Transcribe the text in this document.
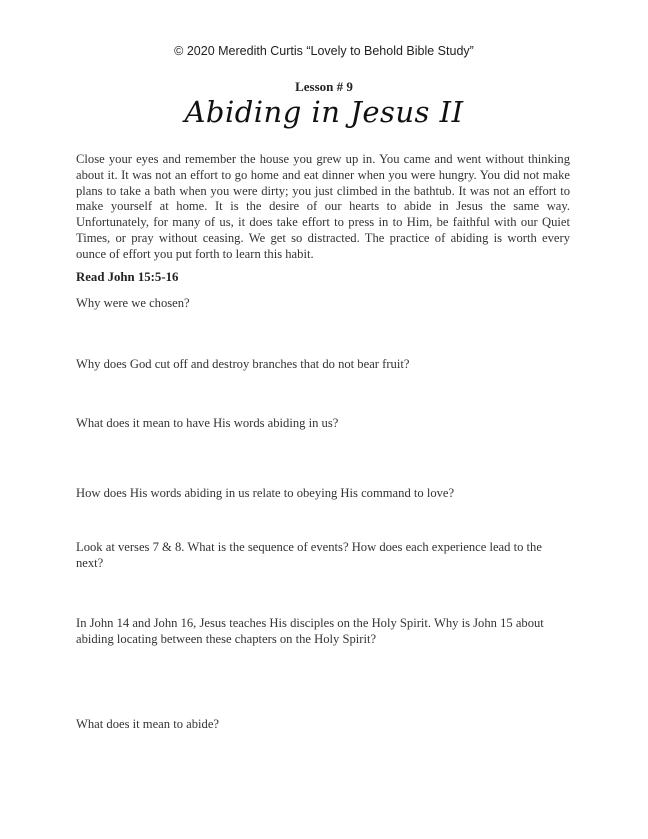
© 2020 Meredith Curtis “Lovely to Behold Bible Study”
Lesson # 9
Abiding in Jesus II

Close your eyes and remember the house you grew up in. You came and went without thinking about it. It was not an effort to go home and eat dinner when you were hungry. You did not make plans to take a bath when you were dirty; you just climbed in the bathtub. It was not an effort to make yourself at home. It is the desire of our hearts to abide in Jesus the same way. Unfortunately, for many of us, it does take effort to press in to Him, be faithful with our Quiet Times, or pray without ceasing. We get so distracted. The practice of abiding is worth every ounce of effort you put forth to learn this habit.

Read John 15:5-16

Why were we chosen?

Why does God cut off and destroy branches that do not bear fruit?

What does it mean to have His words abiding in us?

How does His words abiding in us relate to obeying His command to love?

Look at verses 7 & 8. What is the sequence of events? How does each experience lead to the next?

In John 14 and John 16, Jesus teaches His disciples on the Holy Spirit. Why is John 15 about abiding locating between these chapters on the Holy Spirit?

What does it mean to abide?
